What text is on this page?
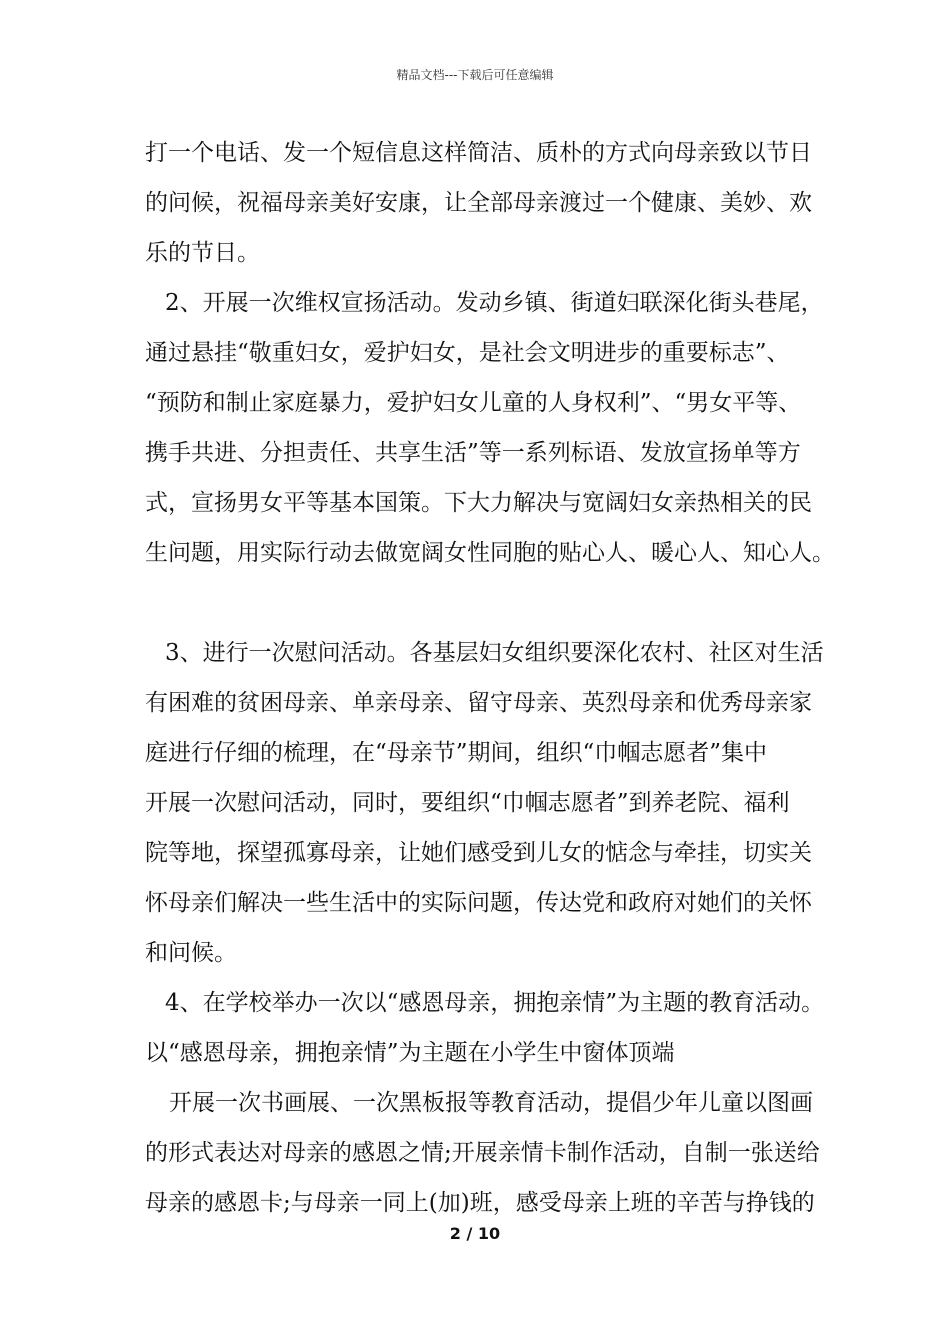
精品文档---下载后可任意编辑
打一个电话、发一个短信息这样简洁、质朴的方式向母亲致以节日
的问候，祝福母亲美好安康，让全部母亲渡过一个健康、美妙、欢
乐的节日。
2、开展一次维权宣扬活动。发动乡镇、街道妇联深化街头巷尾，
通过悬挂“敬重妇女，爱护妇女，是社会文明进步的重要标志”、
“预防和制止家庭暴力，爱护妇女儿童的人身权利”、“男女平等、
携手共进、分担责任、共享生活”等一系列标语、发放宣扬单等方
式，宣扬男女平等基本国策。下大力解决与宽阔妇女亲热相关的民
生问题，用实际行动去做宽阔女性同胞的贴心人、暖心人、知心人。
3、进行一次慰问活动。各基层妇女组织要深化农村、社区对生活
有困难的贫困母亲、单亲母亲、留守母亲、英烈母亲和优秀母亲家
庭进行仔细的梳理，在“母亲节”期间，组织“巾帼志愿者”集中
开展一次慰问活动，同时，要组织“巾帼志愿者”到养老院、福利
院等地，探望孤寡母亲，让她们感受到儿女的惦念与牵挂，切实关
怀母亲们解决一些生活中的实际问题，传达党和政府对她们的关怀
和问候。
4、在学校举办一次以“感恩母亲，拥抱亲情”为主题的教育活动。
以“感恩母亲，拥抱亲情”为主题在小学生中窗体顶端
开展一次书画展、一次黑板报等教育活动，提倡少年儿童以图画
的形式表达对母亲的感恩之情;开展亲情卡制作活动，自制一张送给
母亲的感恩卡;与母亲一同上(加)班，感受母亲上班的辛苦与挣钱的
2 / 10
